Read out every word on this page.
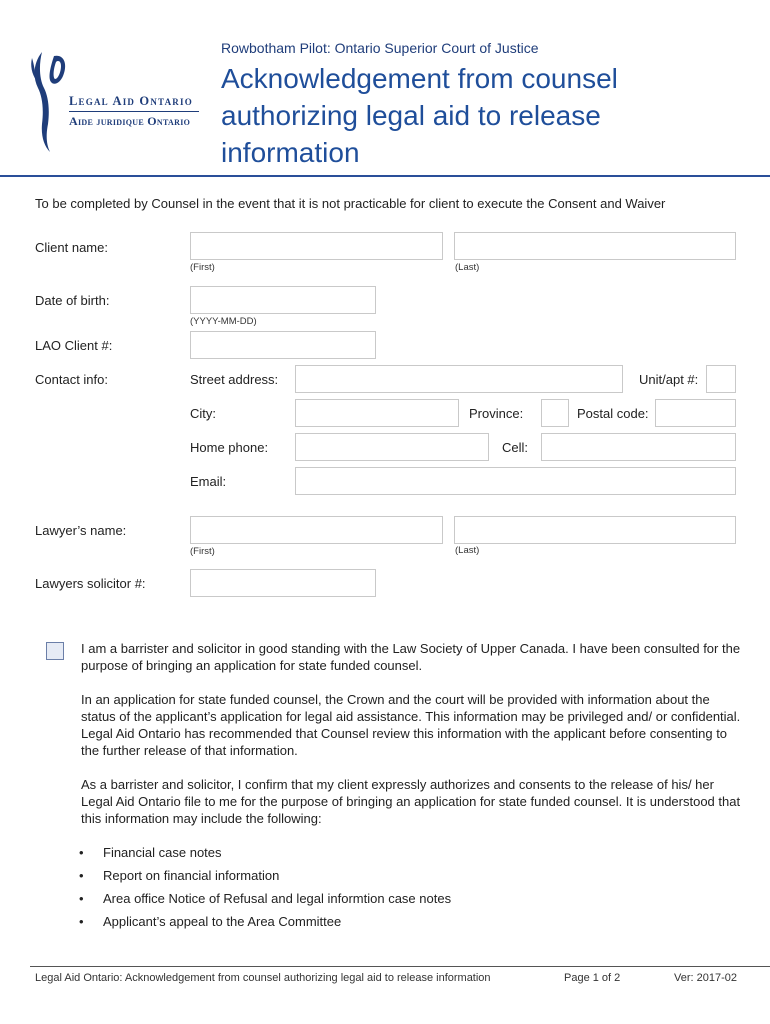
Legal Aid Ontario
Aide juridique Ontario
Rowbotham Pilot: Ontario Superior Court of Justice
Acknowledgement from counsel authorizing legal aid to release information
To be completed by Counsel in the event that it is not practicable for client to execute the Consent and Waiver
Client name:
(First)	(Last)
Date of birth:
(YYYY-MM-DD)
LAO Client #:
Contact info:	Street address:	Unit/apt #:
City:	Province:	Postal code:
Home phone:	Cell:
Email:
Lawyer’s name:
(First)	(Last)
Lawyers solicitor #:
I am a barrister and solicitor in good standing with the Law Society of Upper Canada. I have been consulted for the purpose of bringing an application for state funded counsel.
In an application for state funded counsel, the Crown and the court will be provided with information about the status of the applicant’s application for legal aid assistance. This information may be privileged and/ or confidential. Legal Aid Ontario has recommended that Counsel review this information with the applicant before consenting to the further release of that information.
As a barrister and solicitor, I confirm that my client expressly authorizes and consents to the release of his/ her Legal Aid Ontario file to me for the purpose of bringing an application for state funded counsel. It is understood that this information may include the following:
• Financial case notes
• Report on financial information
• Area office Notice of Refusal and legal informtion case notes
• Applicant’s appeal to the Area Committee
Legal Aid Ontario: Acknowledgement from counsel authorizing legal aid to release information	Page 1 of 2	Ver: 2017-02
